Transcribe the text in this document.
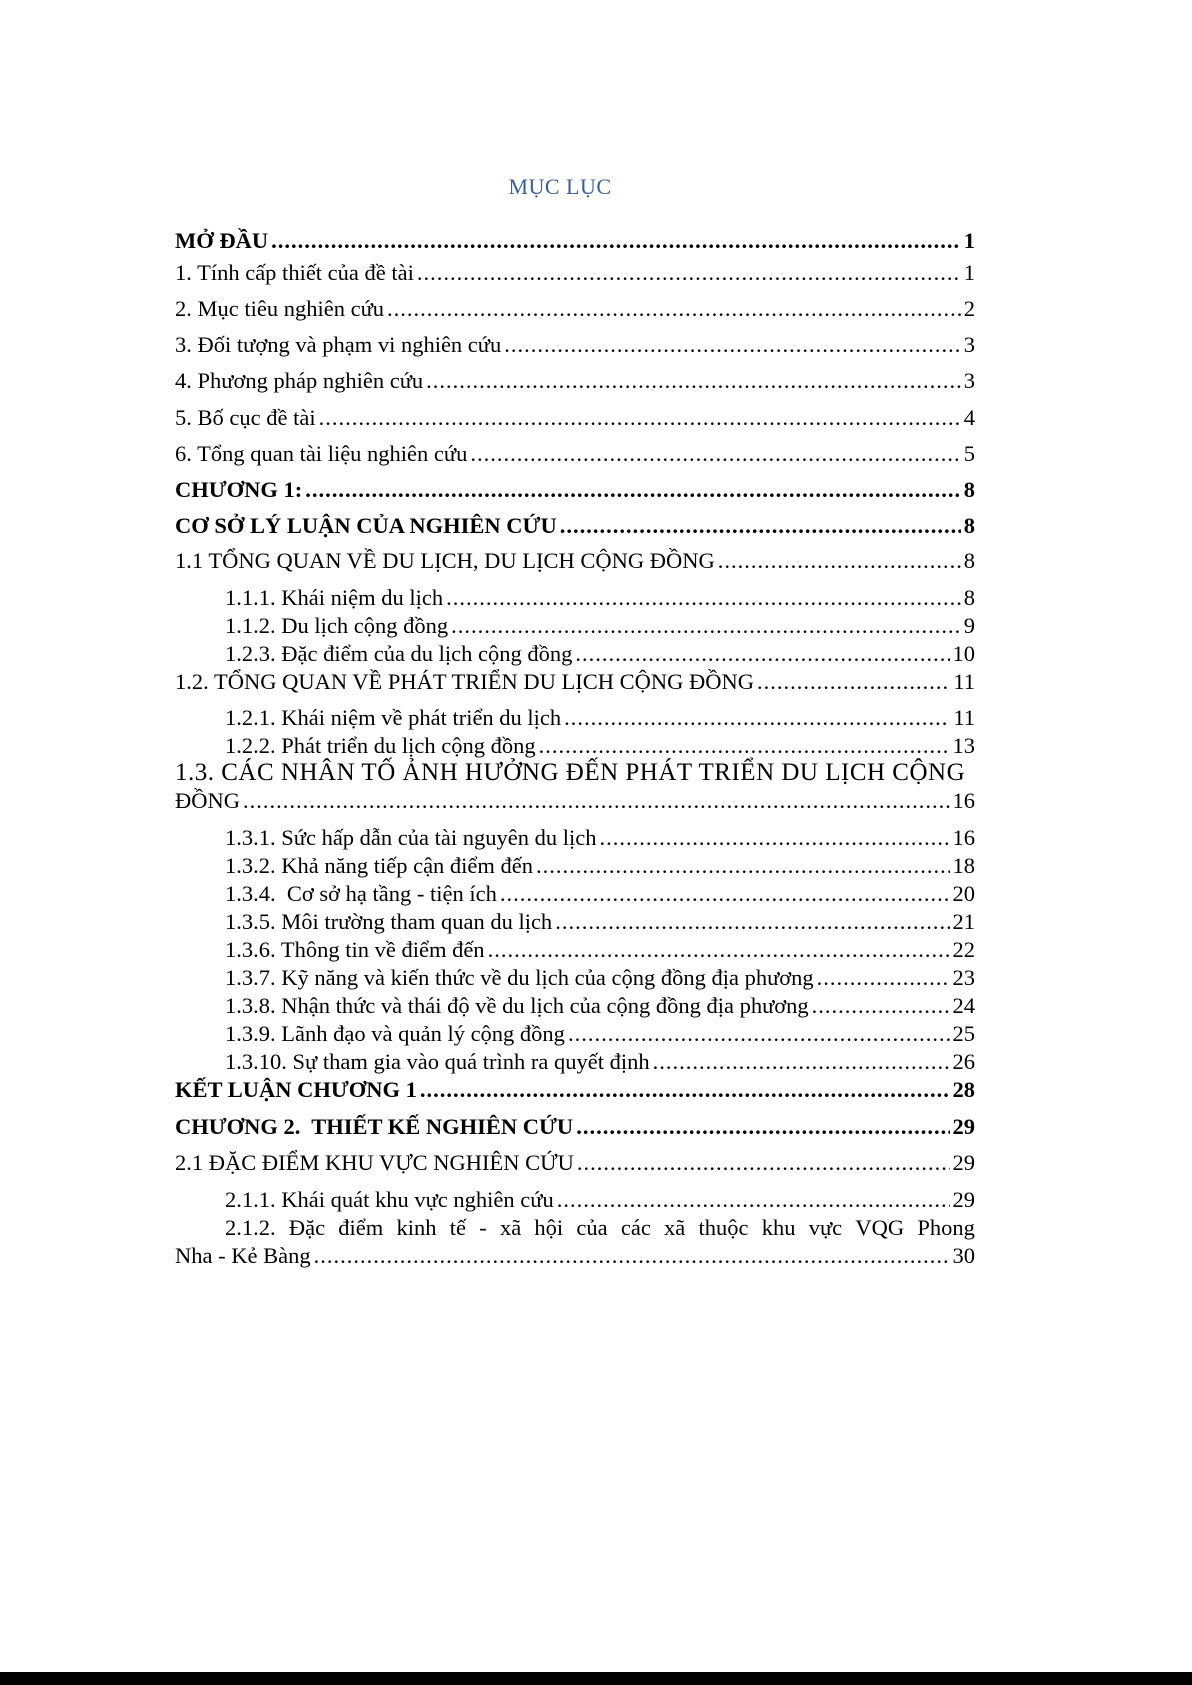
MỤC LỤC
MỞ ĐẦU .....	1
1. Tính cấp thiết của đề tài .....	1
2. Mục tiêu nghiên cứu .....	2
3. Đối tượng và phạm vi nghiên cứu .....	3
4. Phương pháp nghiên cứu .....	3
5. Bố cục đề tài .....	4
6. Tổng quan tài liệu nghiên cứu .....	5
CHƯƠNG 1: .....	8
CƠ SỞ LÝ LUẬN CỦA NGHIÊN CỨU .....	8
1.1 TỔNG QUAN VỀ DU LỊCH, DU LỊCH CỘNG ĐỒNG .....	8
1.1.1. Khái niệm du lịch .....	8
1.1.2. Du lịch cộng đồng .....	9
1.2.3. Đặc điểm của du lịch cộng đồng .....	10
1.2. TỔNG QUAN VỀ PHÁT TRIỂN DU LỊCH CỘNG ĐỒNG .....	11
1.2.1. Khái niệm về phát triển du lịch .....	11
1.2.2. Phát triển du lịch cộng đồng .....	13
1.3. CÁC NHÂN TỐ ẢNH HƯỞNG ĐẾN PHÁT TRIỂN DU LỊCH CỘNG
ĐỒNG .....	16
1.3.1. Sức hấp dẫn của tài nguyên du lịch .....	16
1.3.2. Khả năng tiếp cận điểm đến .....	18
1.3.4.  Cơ sở hạ tầng - tiện ích .....	20
1.3.5. Môi trường tham quan du lịch .....	21
1.3.6. Thông tin về điểm đến .....	22
1.3.7. Kỹ năng và kiến thức về du lịch của cộng đồng địa phương .....	23
1.3.8. Nhận thức và thái độ về du lịch của cộng đồng địa phương .....	24
1.3.9. Lãnh đạo và quản lý cộng đồng .....	25
1.3.10. Sự tham gia vào quá trình ra quyết định .....	26
KẾT LUẬN CHƯƠNG 1 .....	28
CHƯƠNG 2.  THIẾT KẾ NGHIÊN CỨU .....	29
2.1 ĐẶC ĐIỂM KHU VỰC NGHIÊN CỨU .....	29
2.1.1. Khái quát khu vực nghiên cứu .....	29
2.1.2. Đặc điểm kinh tế - xã hội của các xã thuộc khu vực VQG Phong
Nha - Kẻ Bàng .....	30
